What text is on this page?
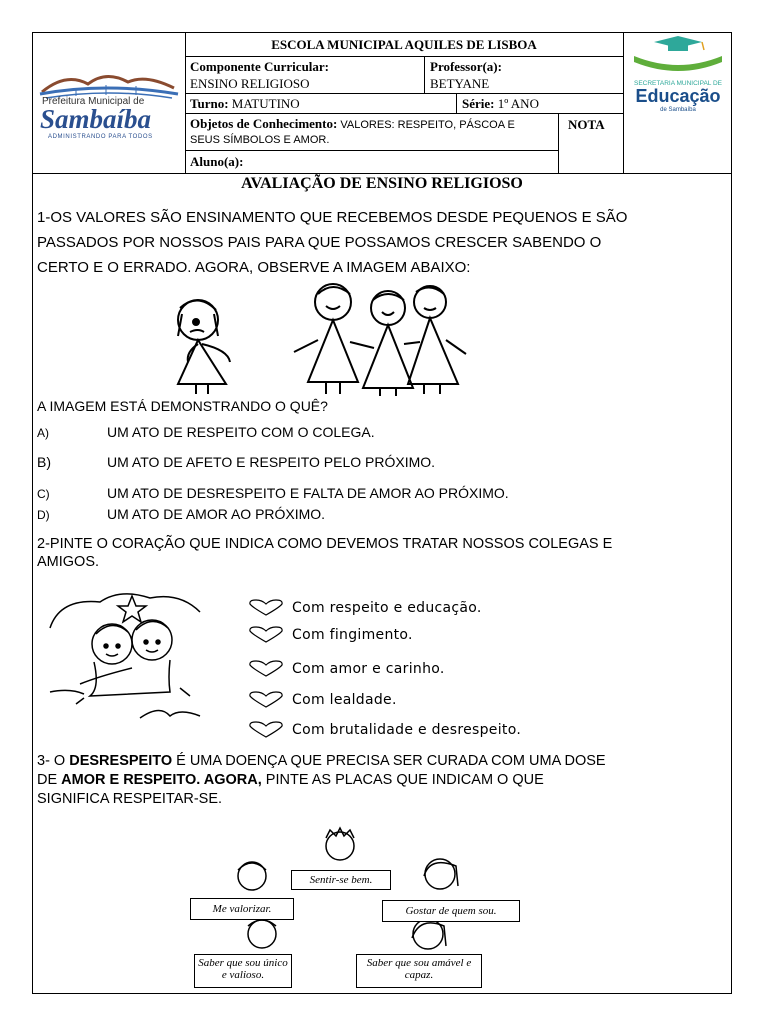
Prefeitura Municipal de
Sambaíba
ADMINISTRANDO PARA TODOS
ESCOLA MUNICIPAL AQUILES DE LISBOA
Componente Curricular:
ENSINO RELIGIOSO
Professor(a):
BETYANE
Turno: MATUTINO	Série: 1º ANO
Objetos de Conhecimento: VALORES: RESPEITO, PÁSCOA E
SEUS SÍMBOLOS E AMOR.
NOTA
Aluno(a):
SECRETARIA MUNICIPAL DE
Educação
de Sambaíba
AVALIAÇÃO DE ENSINO RELIGIOSO
1-OS VALORES SÃO ENSINAMENTO QUE RECEBEMOS DESDE PEQUENOS E SÃO
PASSADOS POR NOSSOS PAIS PARA QUE POSSAMOS CRESCER SABENDO O
CERTO E O ERRADO. AGORA, OBSERVE A IMAGEM ABAIXO:
A IMAGEM ESTÁ DEMONSTRANDO O QUÊ?
A)	UM ATO DE RESPEITO COM O COLEGA.
B)	UM ATO DE AFETO E RESPEITO PELO PRÓXIMO.
C)	UM ATO DE DESRESPEITO E FALTA DE AMOR AO PRÓXIMO.
D)	UM ATO DE AMOR AO PRÓXIMO.
2-PINTE O CORAÇÃO QUE INDICA COMO DEVEMOS TRATAR NOSSOS COLEGAS E
AMIGOS.
Com respeito e educação.
Com fingimento.
Com amor e carinho.
Com lealdade.
Com brutalidade e desrespeito.
3- O DESRESPEITO É UMA DOENÇA QUE PRECISA SER CURADA COM UMA DOSE
DE AMOR E RESPEITO. AGORA, PINTE AS PLACAS QUE INDICAM O QUE
SIGNIFICA RESPEITAR-SE.
Sentir-se bem.
Me valorizar.	Gostar de quem sou.
Saber que sou único e valioso.
Saber que sou amável e capaz.
